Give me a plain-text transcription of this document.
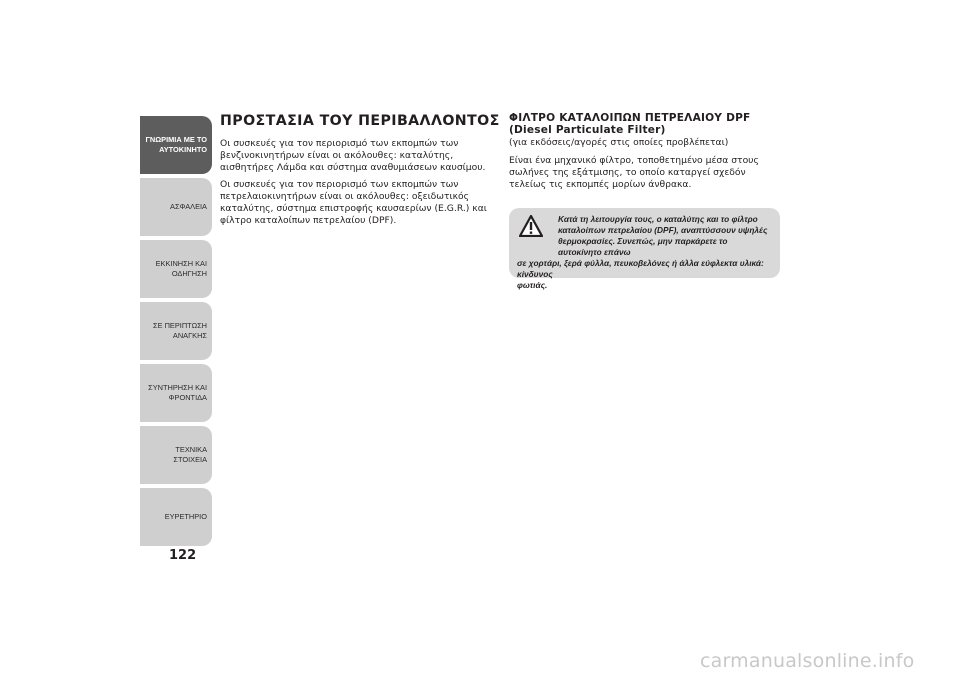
ΓΝΩΡΙΜΙΑ ΜΕ ΤΟ
ΑΥΤΟΚΙΝΗΤΟ
ΑΣΦΑΛΕΙΑ
ΕΚΚΙΝΗΣΗ ΚΑΙ
ΟΔΗΓΗΣΗ
ΣΕ ΠΕΡΙΠΤΩΣΗ
ΑΝΑΓΚΗΣ
ΣΥΝΤΗΡΗΣΗ ΚΑΙ
ΦΡΟΝΤΙΔΑ
ΤΕΧΝΙΚΑ ΣΤΟΙΧΕΙΑ
ΕΥΡΕΤΗΡΙΟ
122
ΠΡΟΣΤΑΣΙΑ ΤΟΥ ΠΕΡΙΒΑΛΛΟΝΤΟΣ

Οι συσκευές για τον περιορισμό των εκπομπών των βενζινοκινητήρων είναι οι ακόλουθες: καταλύτης, αισθητήρες Λάμδα και σύστημα αναθυμιάσεων καυσίμου.

Οι συσκευές για τον περιορισμό των εκπομπών των πετρελαιοκινητήρων είναι οι ακόλουθες: οξειδωτικός καταλύτης, σύστημα επιστροφής καυσαερίων (E.G.R.) και φίλτρο καταλοίπων πετρελαίου (DPF).

ΦΙΛΤΡΟ ΚΑΤΑΛΟΙΠΩΝ ΠΕΤΡΕΛΑΙΟΥ DPF
(Diesel Particulate Filter)
(για εκδόσεις/αγορές στις οποίες προβλέπεται)

Είναι ένα μηχανικό φίλτρο, τοποθετημένο μέσα στους σωλήνες της εξάτμισης, το οποίο καταργεί σχεδόν τελείως τις εκπομπές μορίων άνθρακα.

Κατά τη λειτουργία τους, ο καταλύτης και το φίλτρο
καταλοίπων πετρελαίου (DPF), αναπτύσσουν υψηλές
θερμοκρασίες. Συνεπώς, μην παρκάρετε το αυτοκίνητο επάνω
σε χορτάρι, ξερά φύλλα, πευκοβελόνες ή άλλα εύφλεκτα υλικά: κίνδυνος
φωτιάς.
carmanualsonline.info
